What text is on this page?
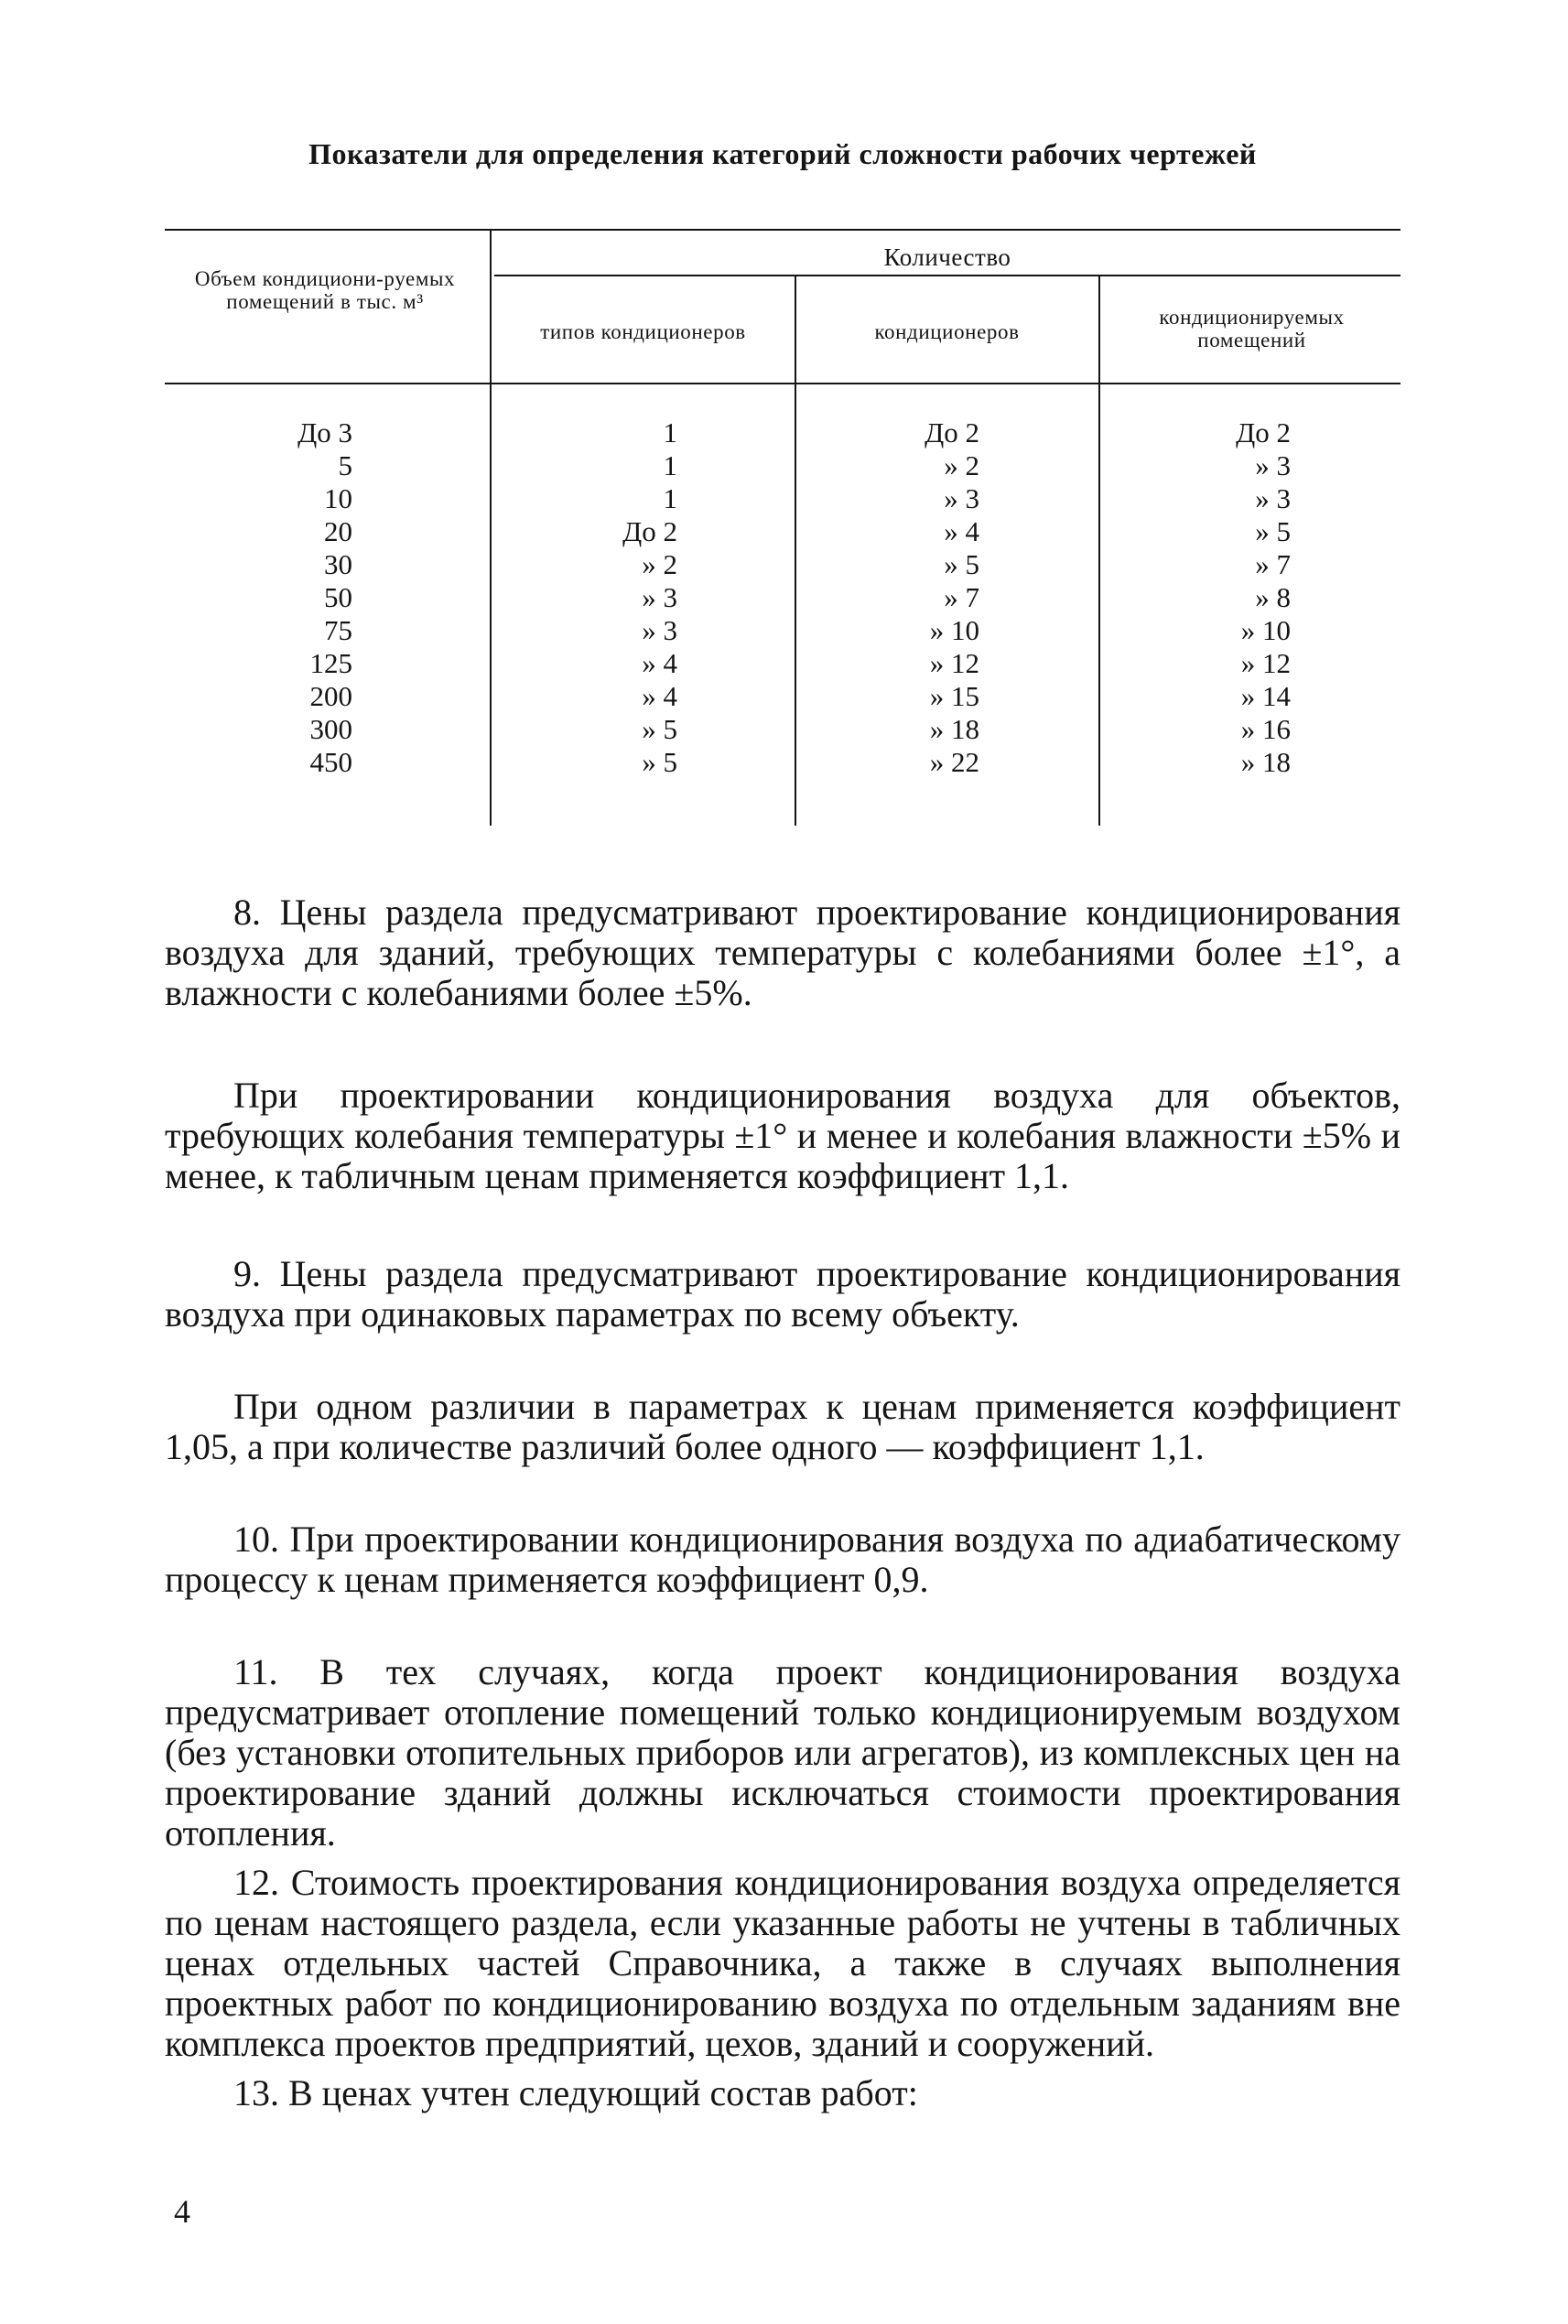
Показатели для определения категорий сложности рабочих чертежей
Объем кондициони-руемых помещений в тыс. м³
Количество
типов кондиционеров	кондиционеров
кондиционируемых помещений
До 3
5
10
20
30
50
75
125
200
300
450
1
1
1
До 2
» 2
» 3
» 3
» 4
» 4
» 5
» 5
До 2
» 2
» 3
» 4
» 5
» 7
» 10
» 12
» 15
» 18
» 22
До 2
» 3
» 3
» 5
» 7
» 8
» 10
» 12
» 14
» 16
» 18

8. Цены раздела предусматривают проектирование кондиционирования воздуха для зданий, требующих температуры с колебаниями более ±1°, а влажности с колебаниями более ±5%.

При проектировании кондиционирования воздуха для объектов, требующих колебания температуры ±1° и менее и колебания влажности ±5% и менее, к табличным ценам применяется коэффициент 1,1.

9. Цены раздела предусматривают проектирование кондиционирования воздуха при одинаковых параметрах по всему объекту.

При одном различии в параметрах к ценам применяется коэффициент 1,05, а при количестве различий более одного — коэффициент 1,1.

10. При проектировании кондиционирования воздуха по адиабатическому процессу к ценам применяется коэффициент 0,9.

11. В тех случаях, когда проект кондиционирования воздуха предусматривает отопление помещений только кондиционируемым воздухом (без установки отопительных приборов или агрегатов), из комплексных цен на проектирование зданий должны исключаться стоимости проектирования отопления.

12. Стоимость проектирования кондиционирования воздуха определяется по ценам настоящего раздела, если указанные работы не учтены в табличных ценах отдельных частей Справочника, а также в случаях выполнения проектных работ по кондиционированию воздуха по отдельным заданиям вне комплекса проектов предприятий, цехов, зданий и сооружений.

13. В ценах учтен следующий состав работ:

4
